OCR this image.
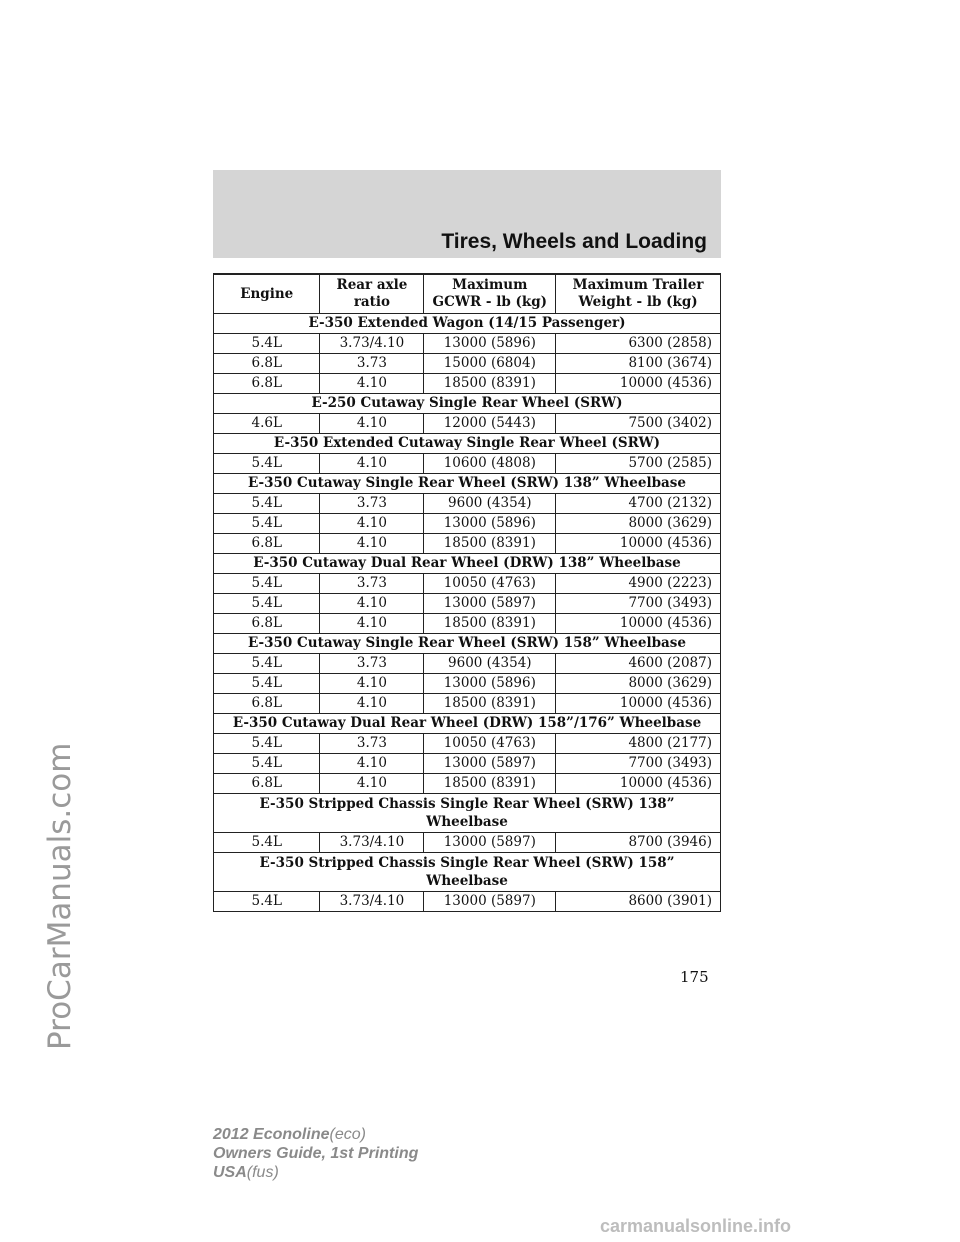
ProCarManuals.com
Tires, Wheels and Loading
Engine	Rear axle ratio	Maximum GCWR - lb (kg)	Maximum Trailer Weight - lb (kg)
E-350 Extended Wagon (14/15 Passenger)			
5.4L	3.73/4.10	13000 (5896)	6300 (2858)
6.8L	3.73	15000 (6804)	8100 (3674)
6.8L	4.10	18500 (8391)	10000 (4536)
E-250 Cutaway Single Rear Wheel (SRW)			
4.6L	4.10	12000 (5443)	7500 (3402)
E-350 Extended Cutaway Single Rear Wheel (SRW)			
5.4L	4.10	10600 (4808)	5700 (2585)
E-350 Cutaway Single Rear Wheel (SRW) 138” Wheelbase			
5.4L	3.73	9600 (4354)	4700 (2132)
5.4L	4.10	13000 (5896)	8000 (3629)
6.8L	4.10	18500 (8391)	10000 (4536)
E-350 Cutaway Dual Rear Wheel (DRW) 138” Wheelbase			
5.4L	3.73	10050 (4763)	4900 (2223)
5.4L	4.10	13000 (5897)	7700 (3493)
6.8L	4.10	18500 (8391)	10000 (4536)
E-350 Cutaway Single Rear Wheel (SRW) 158” Wheelbase			
5.4L	3.73	9600 (4354)	4600 (2087)
5.4L	4.10	13000 (5896)	8000 (3629)
6.8L	4.10	18500 (8391)	10000 (4536)
E-350 Cutaway Dual Rear Wheel (DRW) 158”/176” Wheelbase			
5.4L	3.73	10050 (4763)	4800 (2177)
5.4L	4.10	13000 (5897)	7700 (3493)
6.8L	4.10	18500 (8391)	10000 (4536)
E-350 Stripped Chassis Single Rear Wheel (SRW) 138” Wheelbase			
5.4L	3.73/4.10	13000 (5897)	8700 (3946)
E-350 Stripped Chassis Single Rear Wheel (SRW) 158” Wheelbase			
5.4L	3.73/4.10	13000 (5897)	8600 (3901)
175
2012 Econoline(eco)
Owners Guide, 1st Printing
USA(fus)
carmanualsonline.info
